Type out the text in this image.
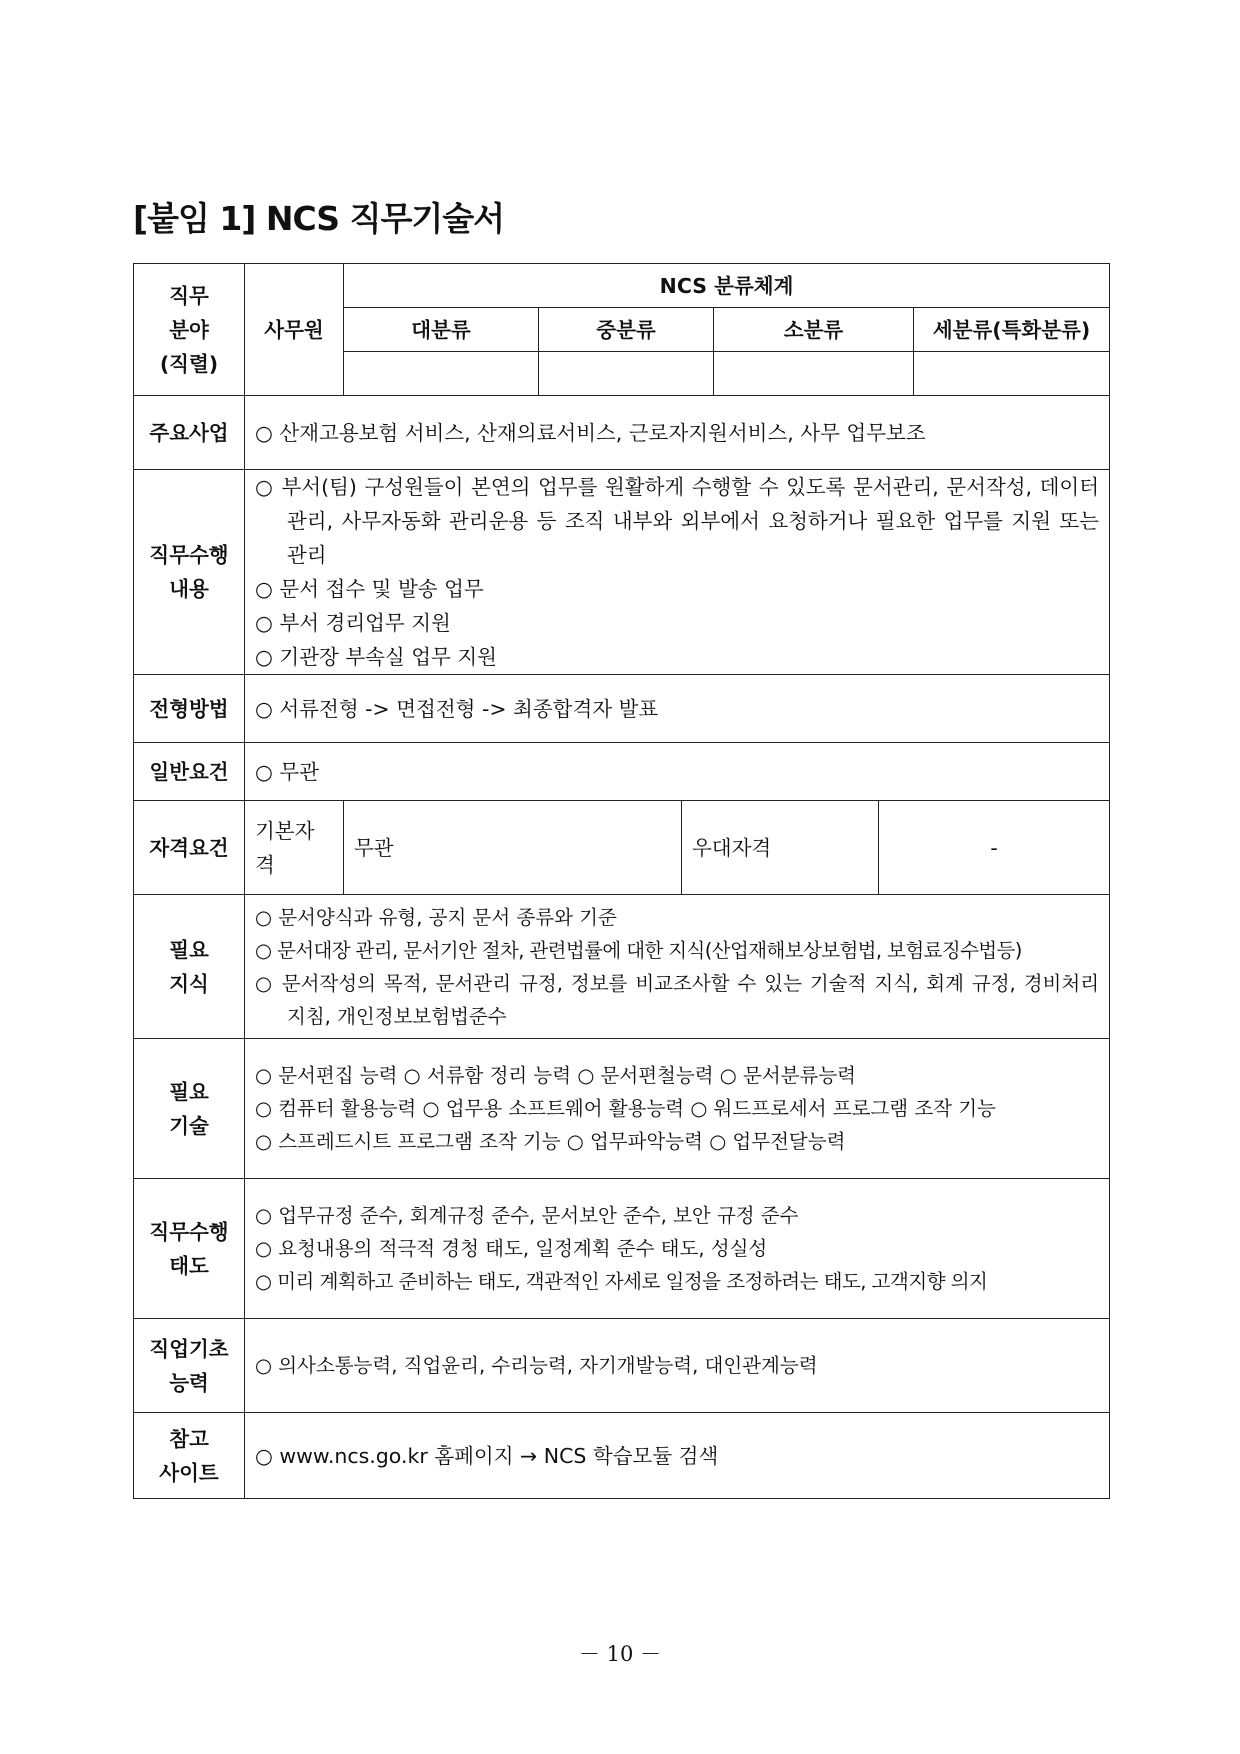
[붙임 1] NCS 직무기술서
직무
분야
(직렬)	사무원	NCS 분류체계					
		대분류	중분류		소분류		세분류(특화분류)

주요사업	○ 산재고용보험 서비스, 산재의료서비스, 근로자지원서비스, 사무 업무보조						

직무수행
내용	○ 부서(팀) 구성원들이 본연의 업무를 원활하게 수행할 수 있도록 문서관리, 문서작성, 데이터 관리, 사무자동화 관리운용 등 조직 내부와 외부에서 요청하거나 필요한 업무를 지원 또는 관리
○ 문서 접수 및 발송 업무
○ 부서 경리업무 지원
○ 기관장 부속실 업무 지원						

전형방법	○ 서류전형 -> 면접전형 -> 최종합격자 발표						

일반요건	○ 무관						

자격요건	기본자격	무관		우대자격		-	

필요
지식	○ 문서양식과 유형, 공지 문서 종류와 기준
○ 문서대장 관리, 문서기안 절차, 관련법률에 대한 지식(산업재해보상보험법, 보험료징수법등)
○ 문서작성의 목적, 문서관리 규정, 정보를 비교조사할 수 있는 기술적 지식, 회계 규정, 경비처리 지침, 개인정보보험법준수						

필요
기술	○ 문서편집 능력 ○ 서류함 정리 능력 ○ 문서편철능력 ○ 문서분류능력
○ 컴퓨터 활용능력 ○ 업무용 소프트웨어 활용능력 ○ 워드프로세서 프로그램 조작 기능
○ 스프레드시트 프로그램 조작 기능 ○ 업무파악능력 ○ 업무전달능력						

직무수행
태도	○ 업무규정 준수, 회계규정 준수, 문서보안 준수, 보안 규정 준수
○ 요청내용의 적극적 경청 태도, 일정계획 준수 태도, 성실성
○ 미리 계획하고 준비하는 태도, 객관적인 자세로 일정을 조정하려는 태도, 고객지향 의지						

직업기초
능력	○ 의사소통능력, 직업윤리, 수리능력, 자기개발능력, 대인관계능력						

참고
사이트	○ www.ncs.go.kr 홈페이지 → NCS 학습모듈 검색						
－ 10 －
